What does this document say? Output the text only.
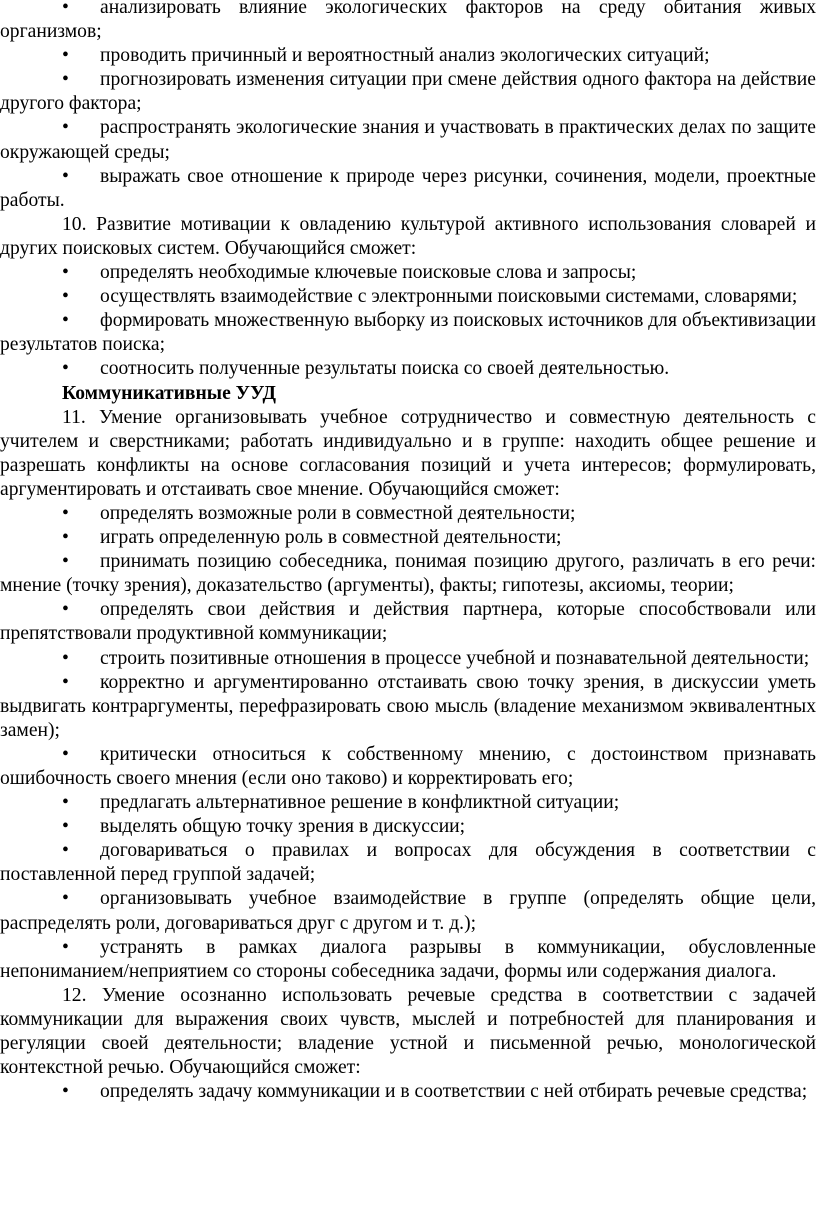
• анализировать влияние экологических факторов на среду обитания живых организмов;

• проводить причинный и вероятностный анализ экологических ситуаций;

• прогнозировать изменения ситуации при смене действия одного фактора на действие другого фактора;

• распространять экологические знания и участвовать в практических делах по защите окружающей среды;

• выражать свое отношение к природе через рисунки, сочинения, модели, проектные работы.

10. Развитие мотивации к овладению культурой активного использования словарей и других поисковых систем. Обучающийся сможет:

• определять необходимые ключевые поисковые слова и запросы;

• осуществлять взаимодействие с электронными поисковыми системами, словарями;

• формировать множественную выборку из поисковых источников для объективизации результатов поиска;

• соотносить полученные результаты поиска со своей деятельностью.

Коммуникативные УУД

11. Умение организовывать учебное сотрудничество и совместную деятельность с учителем и сверстниками; работать индивидуально и в группе: находить общее решение и разрешать конфликты на основе согласования позиций и учета интересов; формулировать, аргументировать и отстаивать свое мнение. Обучающийся сможет:

• определять возможные роли в совместной деятельности;

• играть определенную роль в совместной деятельности;

• принимать позицию собеседника, понимая позицию другого, различать в его речи: мнение (точку зрения), доказательство (аргументы), факты; гипотезы, аксиомы, теории;

• определять свои действия и действия партнера, которые способствовали или препятствовали продуктивной коммуникации;

• строить позитивные отношения в процессе учебной и познавательной деятельности;

• корректно и аргументированно отстаивать свою точку зрения, в дискуссии уметь выдвигать контраргументы, перефразировать свою мысль (владение механизмом эквивалентных замен);

• критически относиться к собственному мнению, с достоинством признавать ошибочность своего мнения (если оно таково) и корректировать его;

• предлагать альтернативное решение в конфликтной ситуации;

• выделять общую точку зрения в дискуссии;

• договариваться о правилах и вопросах для обсуждения в соответствии с поставленной перед группой задачей;

• организовывать учебное взаимодействие в группе (определять общие цели, распределять роли, договариваться друг с другом и т. д.);

• устранять в рамках диалога разрывы в коммуникации, обусловленные непониманием/неприятием со стороны собеседника задачи, формы или содержания диалога.

12. Умение осознанно использовать речевые средства в соответствии с задачей коммуникации для выражения своих чувств, мыслей и потребностей для планирования и регуляции своей деятельности; владение устной и письменной речью, монологической контекстной речью. Обучающийся сможет:

• определять задачу коммуникации и в соответствии с ней отбирать речевые средства;
